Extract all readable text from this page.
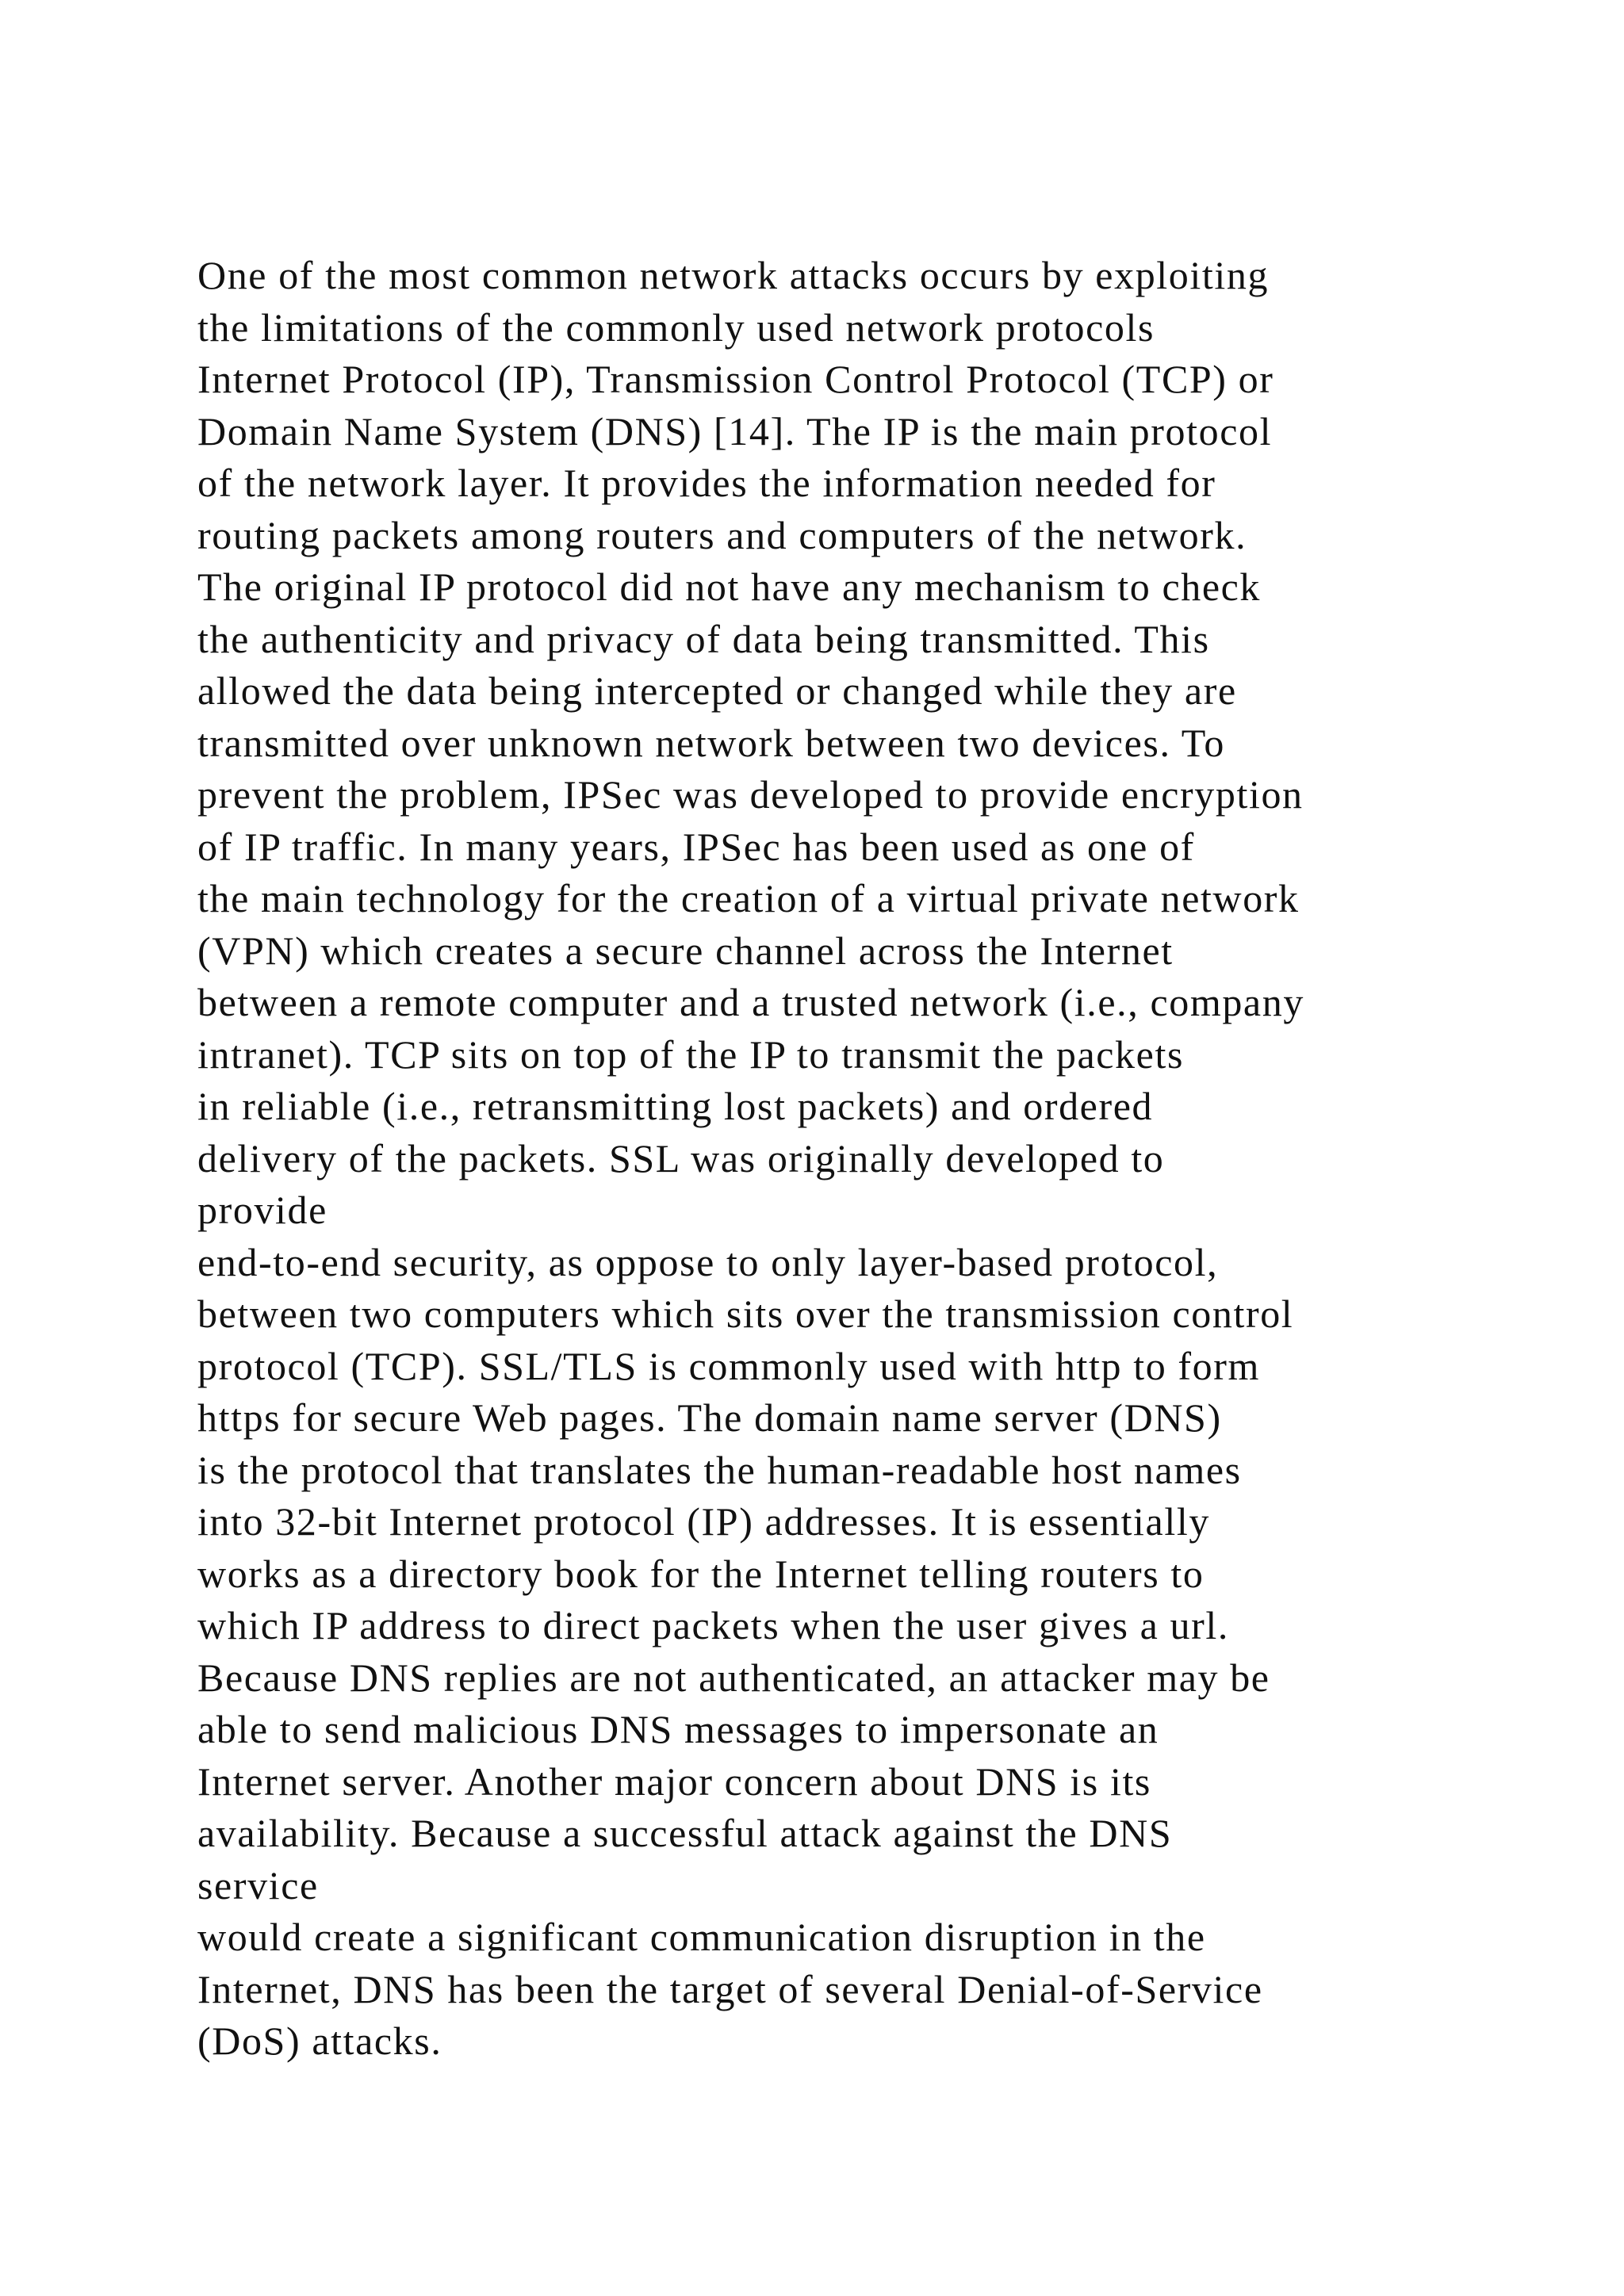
One of the most common network attacks occurs by exploiting
the limitations of the commonly used network protocols
Internet Protocol (IP), Transmission Control Protocol (TCP) or
Domain Name System (DNS) [14]. The IP is the main protocol
of the network layer. It provides the information needed for
routing packets among routers and computers of the network.
The original IP protocol did not have any mechanism to check
the authenticity and privacy of data being transmitted. This
allowed the data being intercepted or changed while they are
transmitted over unknown network between two devices. To
prevent the problem, IPSec was developed to provide encryption
of IP traffic. In many years, IPSec has been used as one of
the main technology for the creation of a virtual private network
(VPN) which creates a secure channel across the Internet
between a remote computer and a trusted network (i.e., company
intranet). TCP sits on top of the IP to transmit the packets
in reliable (i.e., retransmitting lost packets) and ordered
delivery of the packets. SSL was originally developed to
provide
end-to-end security, as oppose to only layer-based protocol,
between two computers which sits over the transmission control
protocol (TCP). SSL/TLS is commonly used with http to form
https for secure Web pages. The domain name server (DNS)
is the protocol that translates the human-readable host names
into 32-bit Internet protocol (IP) addresses. It is essentially
works as a directory book for the Internet telling routers to
which IP address to direct packets when the user gives a url.
Because DNS replies are not authenticated, an attacker may be
able to send malicious DNS messages to impersonate an
Internet server. Another major concern about DNS is its
availability. Because a successful attack against the DNS
service
would create a significant communication disruption in the
Internet, DNS has been the target of several Denial-of-Service
(DoS) attacks.
